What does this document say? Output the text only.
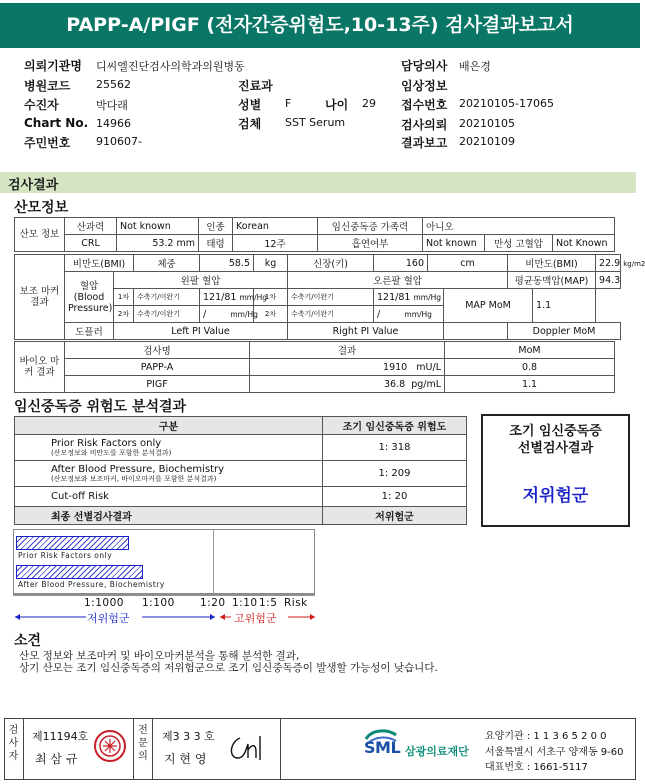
PAPP-A/PIGF (전자간증위험도,10-13주) 검사결과보고서
의뢰기관명 디씨엘진단검사의학과의원병동
병원코드 25562
수진자	박다래
Chart No. 14966
주민번호 910607-
진료과
성별 F	나이 29
검체 SST Serum
담당의사 배은경
임상정보
접수번호 20210105-17065
검사의뢰 20210105
결과보고 20210109
검사결과
산모정보
산모 정보	산과력	Not known	인종	Korean	임신중독증 가족력	아니오		
	CRL	53.2 mm	태령	12주	흡연여부	Not known	만성 고혈압	Not Known
보조 마커 결과	비만도(BMI)		체중	58.5	kg	신장(키)	160	cm		비만도(BMI)		22.9 kg/m2
	혈압 (Blood Pressure)	왼팔 혈압				오른팔 혈압				평균동맥압(MAP)		94.3
		1차	수축기/이완기	121/81 mm/Hg	1차	수축기/이완기	121/81 mm/Hg		MAP MoM		1.1	
		2차	수축기/이완기	/ mm/Hg	2차	수축기/이완기	/ mm/Hg					
	도플러	Left PI Value				Right PI Value				Doppler MoM		
바이오 마커 결과	검사명	결과	MoM
	PAPP-A	1910 mU/L	0.8
	PIGF	36.8 pg/mL	1.1
임신중독증 위험도 분석결과
구분	조기 임신중독증 위험도
Prior Risk Factors only
(산모정보와 비만도를 포함한 분석결과)	1: 318
After Blood Pressure, Biochemistry
(산모정보와 보조마커, 바이오마커를 포함한 분석결과)	1: 209
Cut-off Risk	1: 20
최종 선별검사결과	저위험군
조기 임신중독증
선별검사결과
저위험군
Prior Risk Factors only
After Blood Pressure, Biochemistry
1:1000 1:100 1:20 1:10 1:5 Risk
저위험군	고위험군
소견
산모 정보와 보조마커 및 바이오마커분석을 통해 분석한 결과,
상기 산모는 조기 임신중독증의 저위험군으로 조기 임신중독증이 발생할 가능성이 낮습니다.
검사자
제11194호
최 삼 규
전문의
제3 3 3 호
지 현 영
SML 삼광의료재단
요양기관 : 1 1 3 6 5 2 0 0
서울특별시 서초구 양재동 9-60
대표번호 : 1661-5117
